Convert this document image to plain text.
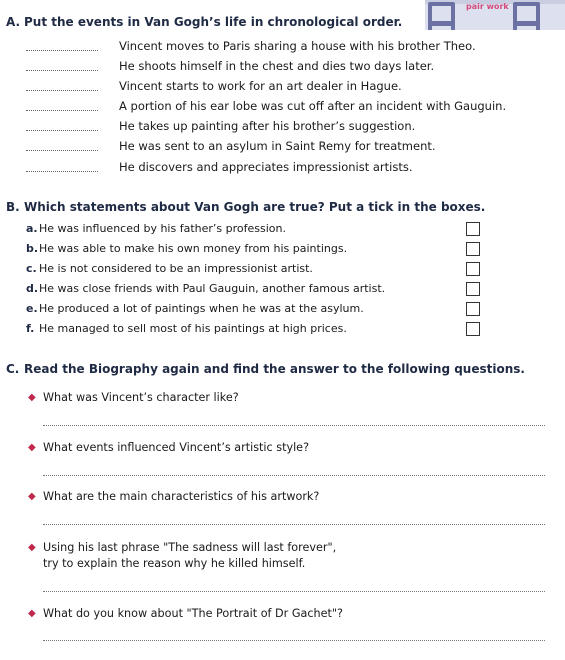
pair work
A. Put the events in Van Gogh’s life in chronological order.
Vincent moves to Paris sharing a house with his brother Theo.
He shoots himself in the chest and dies two days later.
Vincent starts to work for an art dealer in Hague.
A portion of his ear lobe was cut off after an incident with Gauguin.
He takes up painting after his brother’s suggestion.
He was sent to an asylum in Saint Remy for treatment.
He discovers and appreciates impressionist artists.
B. Which statements about Van Gogh are true? Put a tick in the boxes.
a.He was influenced by his father’s profession.
b.He was able to make his own money from his paintings.
c. He is not considered to be an impressionist artist.
d.He was close friends with Paul Gauguin, another famous artist.
e.He produced a lot of paintings when he was at the asylum.
f. He managed to sell most of his paintings at high prices.
C. Read the Biography again and find the answer to the following questions.
◆ What was Vincent’s character like?
◆ What events influenced Vincent’s artistic style?
◆ What are the main characteristics of his artwork?
◆ Using his last phrase "The sadness will last forever",
try to explain the reason why he killed himself.
◆ What do you know about "The Portrait of Dr Gachet"?
